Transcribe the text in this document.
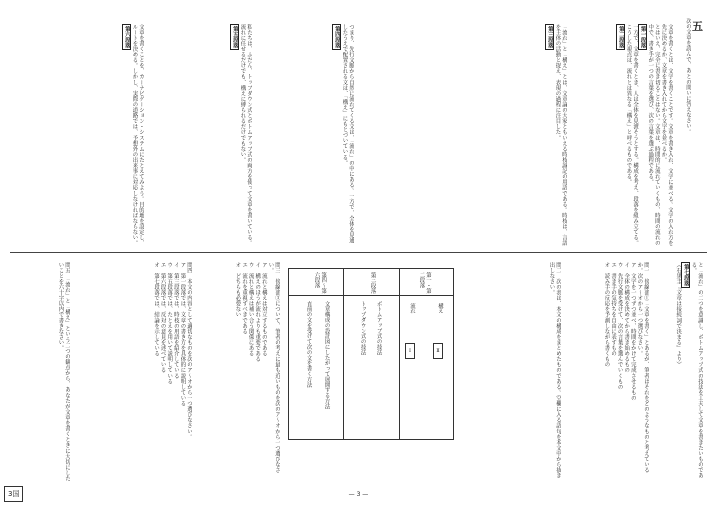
五

次の文章を読んで、あとの問いに答えなさい。

文章を書くとは、文字を書くことです。文章を書き入れ、文字に並べる。文字の入れ方を先に決めるか、文章を書き入れてから文字を並べるか。

とはいえ、完全に書き切ることはない。文章は、時間的に流れていくもの、時間の流れの中で、書き手が一つの言葉を選び、次の言葉を選ぶ過程である。

第一段落

一方で、文章を書くとき、人は全体を見渡そうとする。構成を考え、段落を組み立てる。こうした視点は、流れとは異なる「構え」と呼べるものである。

第二段落

「流れ」と「構え」とは、文章論の大家ともいえる時枝誠記の用語である。時枝は、言語を主体の活動と捉え、表現の過程に注目した。

第三段落

つまり、先行文脈から自然に流れてくる文は、「流れ」の中にある。一方で、全体を見通したうえで配置される文は、「構え」にもとづいている。

第四段落

私たちは、ふだん、トップダウン式とボトムアップ式の両方を使って文章を書いている。流れに任せるだけでも、構えに縛られるだけでもない。

第五段落

文章を書くことを、カーナビゲーション・システムにたとえてみよう。目的地を設定し、ルートを決める。しかし、実際の道路では、予想外の出来事に対応しなければならない。

第六段落

と「流れ」の二つを意識し、ボトムアップ式の技法を工夫して文章を書きたいものである。

第七段落

（石黒圭『文章は接続詞で決まる』より）

問一　傍線部①「文章を書く」とあるが、筆者はそれをどのようなものと考えているか。次のア〜オから一つ選びなさい。

ア　文字を一つずつ並べ、時間をかけて完成させるもの

イ　全体の構成を決めてから書き始めるもの

ウ　先行文脈を受けて、次の言葉を選んでいくもの

エ　書き手の気持ちを自由に表すもの

オ　読み手の反応を予測しながら書くもの

問二　次の表は、本文の構成をまとめたものである。空欄に入る語句を本文中から抜き出しなさい。

第一・第二段落
第三段落
第四〜第六段落
流れ	構え
Ⅰ	Ⅱ
ボトムアップ式の技法
トップダウン式の技法
文章構成の設計図にしたがって展開する方法
直前の文を受けて次の文を書く方法

問三　傍線部③について、筆者の考えに最も近いものを次のア〜オから一つ選びなさい。

ア　流れと構えは対立するものである

イ　構えのほうが流れよりも重要である

ウ　流れと構えは補い合う関係にある

エ　流れを重視すべきである

オ　どちらも必要ない

問四　本文の内容として適切なものを次のア〜オから一つ選びなさい。

ア　第一段落では、文章の書き方を具体的に説明している

イ　第三段落では、時枝の用語を紹介している

ウ　第五段落では、たとえを用いて説明している

エ　第六段落では、反対の意見を述べている

オ　第七段落では、結論を示している

問五　「流れ」と「構え」という二つの観点から、あなたが文章を書くときに大切にしたいことを六十字以内で書きなさい。

— 3 —
3国
